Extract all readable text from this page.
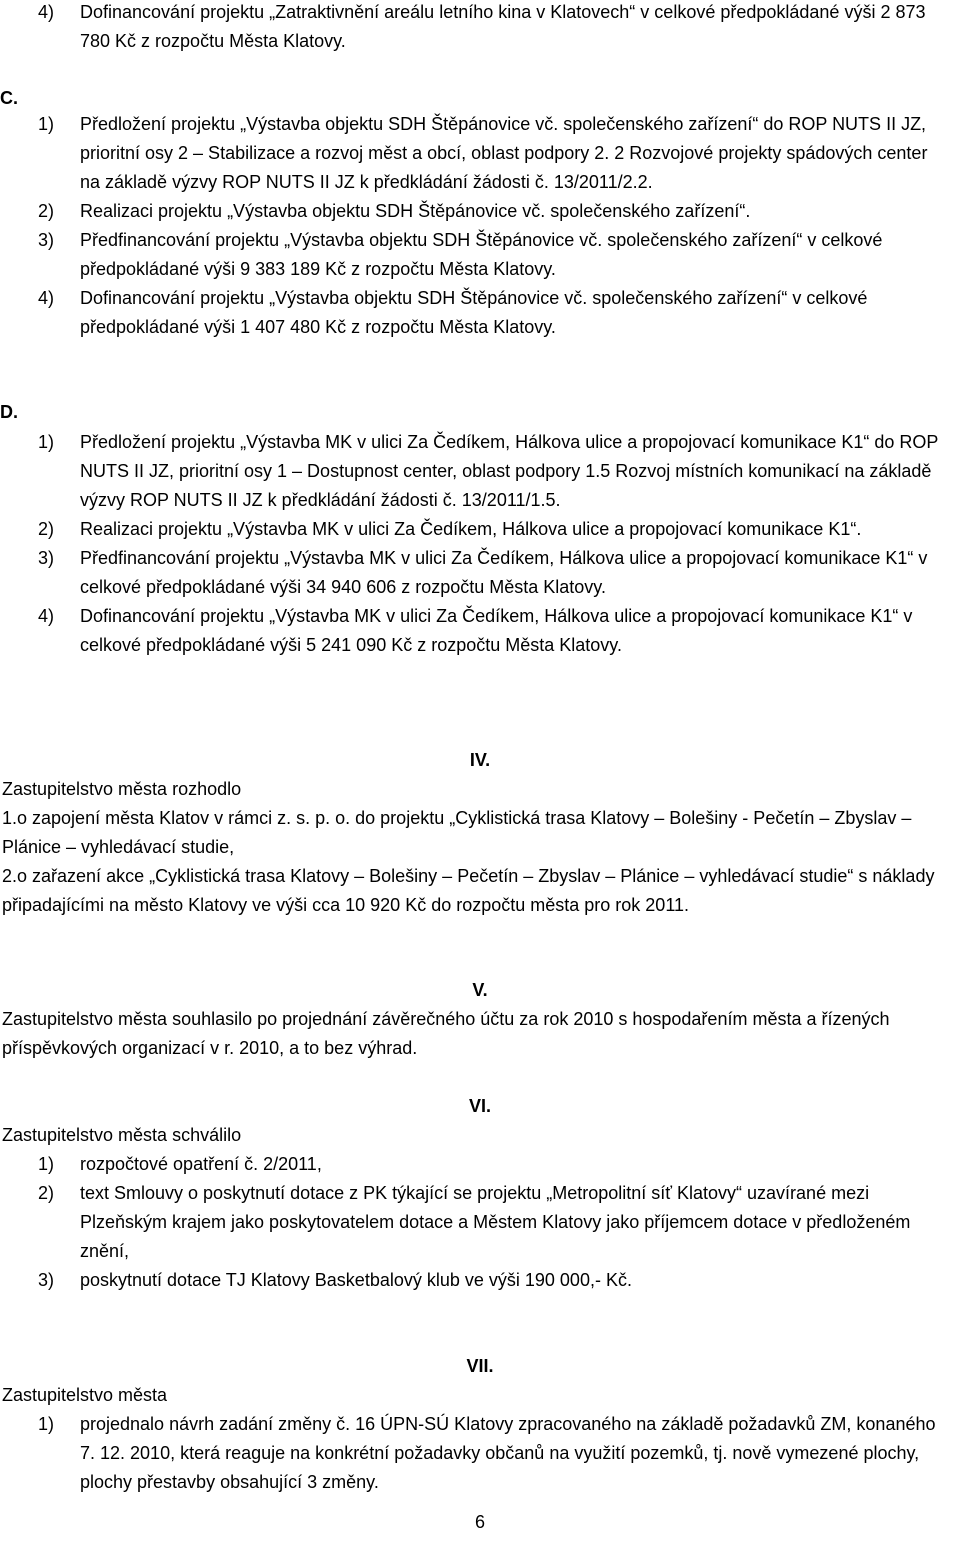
4)	Dofinancování projektu „Zatraktivnění areálu letního kina v Klatovech“ v celkové předpokládané výši 2 873 780 Kč z rozpočtu Města Klatovy.
C.
1)	Předložení projektu „Výstavba objektu SDH Štěpánovice vč. společenského zařízení“ do ROP NUTS II JZ, prioritní osy 2 – Stabilizace a rozvoj měst a obcí, oblast podpory 2. 2 Rozvojové projekty spádových center na základě výzvy ROP NUTS II JZ k předkládání žádosti č. 13/2011/2.2.
2)	Realizaci projektu „Výstavba objektu SDH Štěpánovice vč. společenského zařízení“.
3)	Předfinancování projektu „Výstavba objektu SDH Štěpánovice vč. společenského zařízení“ v celkové předpokládané výši 9 383 189 Kč z rozpočtu Města Klatovy.
4)	Dofinancování projektu „Výstavba objektu SDH Štěpánovice vč. společenského zařízení“ v celkové předpokládané výši 1 407 480 Kč z rozpočtu Města Klatovy.
D.
1)	Předložení projektu „Výstavba MK v ulici Za Čedíkem, Hálkova ulice a propojovací komunikace K1“ do ROP NUTS II JZ, prioritní osy 1 – Dostupnost center, oblast podpory 1.5 Rozvoj místních komunikací na základě výzvy ROP NUTS II JZ k předkládání žádosti č. 13/2011/1.5.
2)	Realizaci projektu „Výstavba MK v ulici Za Čedíkem, Hálkova ulice a propojovací komunikace K1“.
3)	Předfinancování projektu „Výstavba MK v ulici Za Čedíkem, Hálkova ulice a propojovací komunikace K1“ v celkové předpokládané výši 34 940 606 z rozpočtu Města Klatovy.
4)	Dofinancování projektu „Výstavba MK v ulici Za Čedíkem, Hálkova ulice a propojovací komunikace K1“ v celkové předpokládané výši 5 241 090 Kč z rozpočtu Města Klatovy.
IV.
Zastupitelstvo města rozhodlo
1.o zapojení města Klatov v rámci z. s. p. o. do projektu „Cyklistická trasa Klatovy – Bolešiny - Pečetín – Zbyslav – Plánice – vyhledávací studie,
2.o zařazení akce „Cyklistická trasa Klatovy – Bolešiny – Pečetín – Zbyslav – Plánice – vyhledávací studie“ s náklady připadajícími na město Klatovy ve výši cca 10 920 Kč do rozpočtu města pro rok 2011.
V.
Zastupitelstvo města souhlasilo po projednání závěrečného účtu za rok 2010 s hospodařením města a řízených příspěvkových organizací v r. 2010, a to bez výhrad.
VI.
Zastupitelstvo města schválilo
1)	rozpočtové opatření č. 2/2011,
2)	text Smlouvy o poskytnutí dotace z PK týkající se projektu „Metropolitní síť Klatovy“ uzavírané mezi Plzeňským krajem jako poskytovatelem dotace a Městem Klatovy jako příjemcem dotace v předloženém znění,
3)	poskytnutí dotace TJ Klatovy Basketbalový klub ve výši 190 000,- Kč.
VII.
Zastupitelstvo města
1)	projednalo návrh zadání změny č. 16 ÚPN-SÚ Klatovy zpracovaného na základě požadavků ZM, konaného 7. 12. 2010, která reaguje na konkrétní požadavky občanů na využití pozemků, tj. nově vymezené plochy, plochy přestavby obsahující 3 změny.
6
